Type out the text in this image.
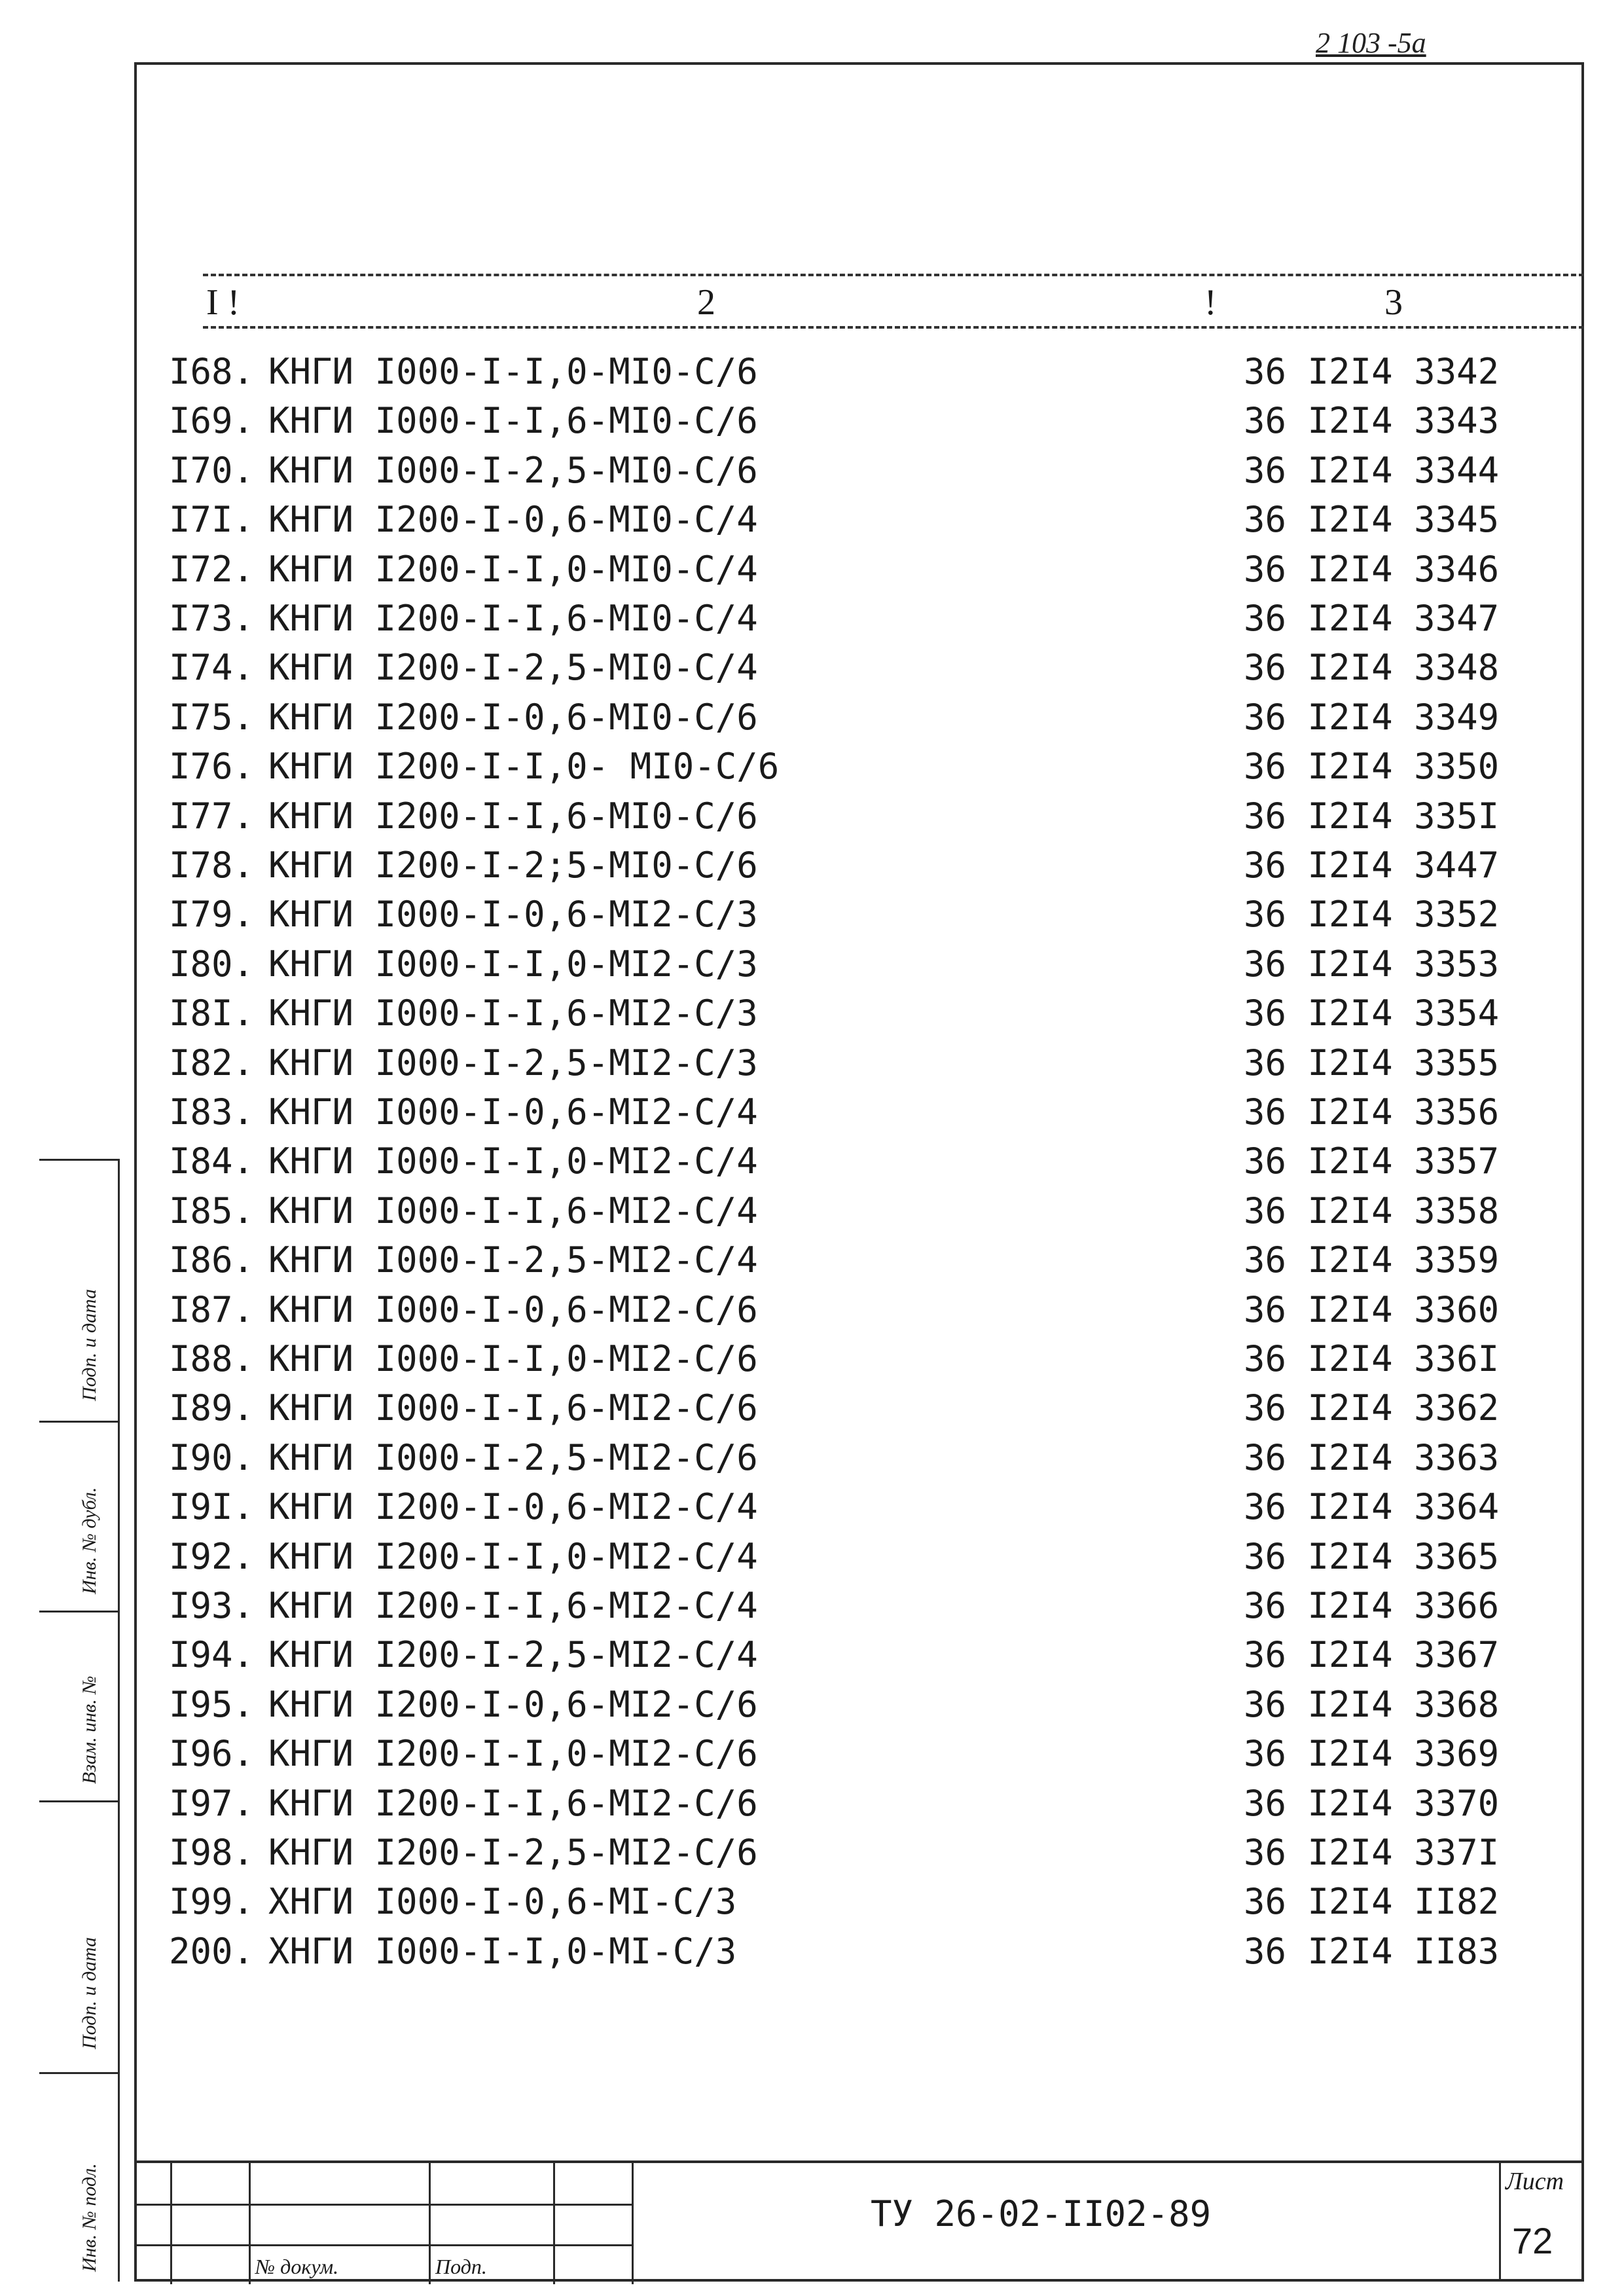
2 103 -5а
I !	2	!	3
I68. КНГИ I000-I-I,0-MI0-C/6	36 I2I4 3342
I69. КНГИ I000-I-I,6-MI0-C/6	36 I2I4 3343
I70. КНГИ I000-I-2,5-MI0-C/6	36 I2I4 3344
I7I. КНГИ I200-I-0,6-MI0-C/4	36 I2I4 3345
I72. КНГИ I200-I-I,0-MI0-C/4	36 I2I4 3346
I73. КНГИ I200-I-I,6-MI0-C/4	36 I2I4 3347
I74. КНГИ I200-I-2,5-MI0-C/4	36 I2I4 3348
I75. КНГИ I200-I-0,6-MI0-C/6	36 I2I4 3349
I76. КНГИ I200-I-I,0- MI0-C/6	36 I2I4 3350
I77. КНГИ I200-I-I,6-MI0-C/6	36 I2I4 335I
I78. КНГИ I200-I-2;5-MI0-C/6	36 I2I4 3447
I79. КНГИ I000-I-0,6-MI2-C/3	36 I2I4 3352
I80. КНГИ I000-I-I,0-MI2-C/3	36 I2I4 3353
I8I. КНГИ I000-I-I,6-MI2-C/3	36 I2I4 3354
I82. КНГИ I000-I-2,5-MI2-C/3	36 I2I4 3355
I83. КНГИ I000-I-0,6-MI2-C/4	36 I2I4 3356
I84. КНГИ I000-I-I,0-MI2-C/4	36 I2I4 3357
I85. КНГИ I000-I-I,6-MI2-C/4	36 I2I4 3358
I86. КНГИ I000-I-2,5-MI2-C/4	36 I2I4 3359
I87. КНГИ I000-I-0,6-MI2-C/6	36 I2I4 3360
I88. КНГИ I000-I-I,0-MI2-C/6	36 I2I4 336I
I89. КНГИ I000-I-I,6-MI2-C/6	36 I2I4 3362
I90. КНГИ I000-I-2,5-MI2-C/6	36 I2I4 3363
I9I. КНГИ I200-I-0,6-MI2-C/4	36 I2I4 3364
I92. КНГИ I200-I-I,0-MI2-C/4	36 I2I4 3365
I93. КНГИ I200-I-I,6-MI2-C/4	36 I2I4 3366
I94. КНГИ I200-I-2,5-MI2-C/4	36 I2I4 3367
I95. КНГИ I200-I-0,6-MI2-C/6	36 I2I4 3368
I96. КНГИ I200-I-I,0-MI2-C/6	36 I2I4 3369
I97. КНГИ I200-I-I,6-MI2-C/6	36 I2I4 3370
I98. КНГИ I200-I-2,5-MI2-C/6	36 I2I4 337I
I99. ХНГИ I000-I-0,6-MI-C/3	36 I2I4 II82
200. ХНГИ I000-I-I,0-MI-C/3	36 I2I4 II83
Подп. и дата
Инв. № дубл.
Взам. инв. №
Подп. и дата
Инв. № подл.	№ докум.	Подп.
ТУ 26-02-II02-89
Лист
72
